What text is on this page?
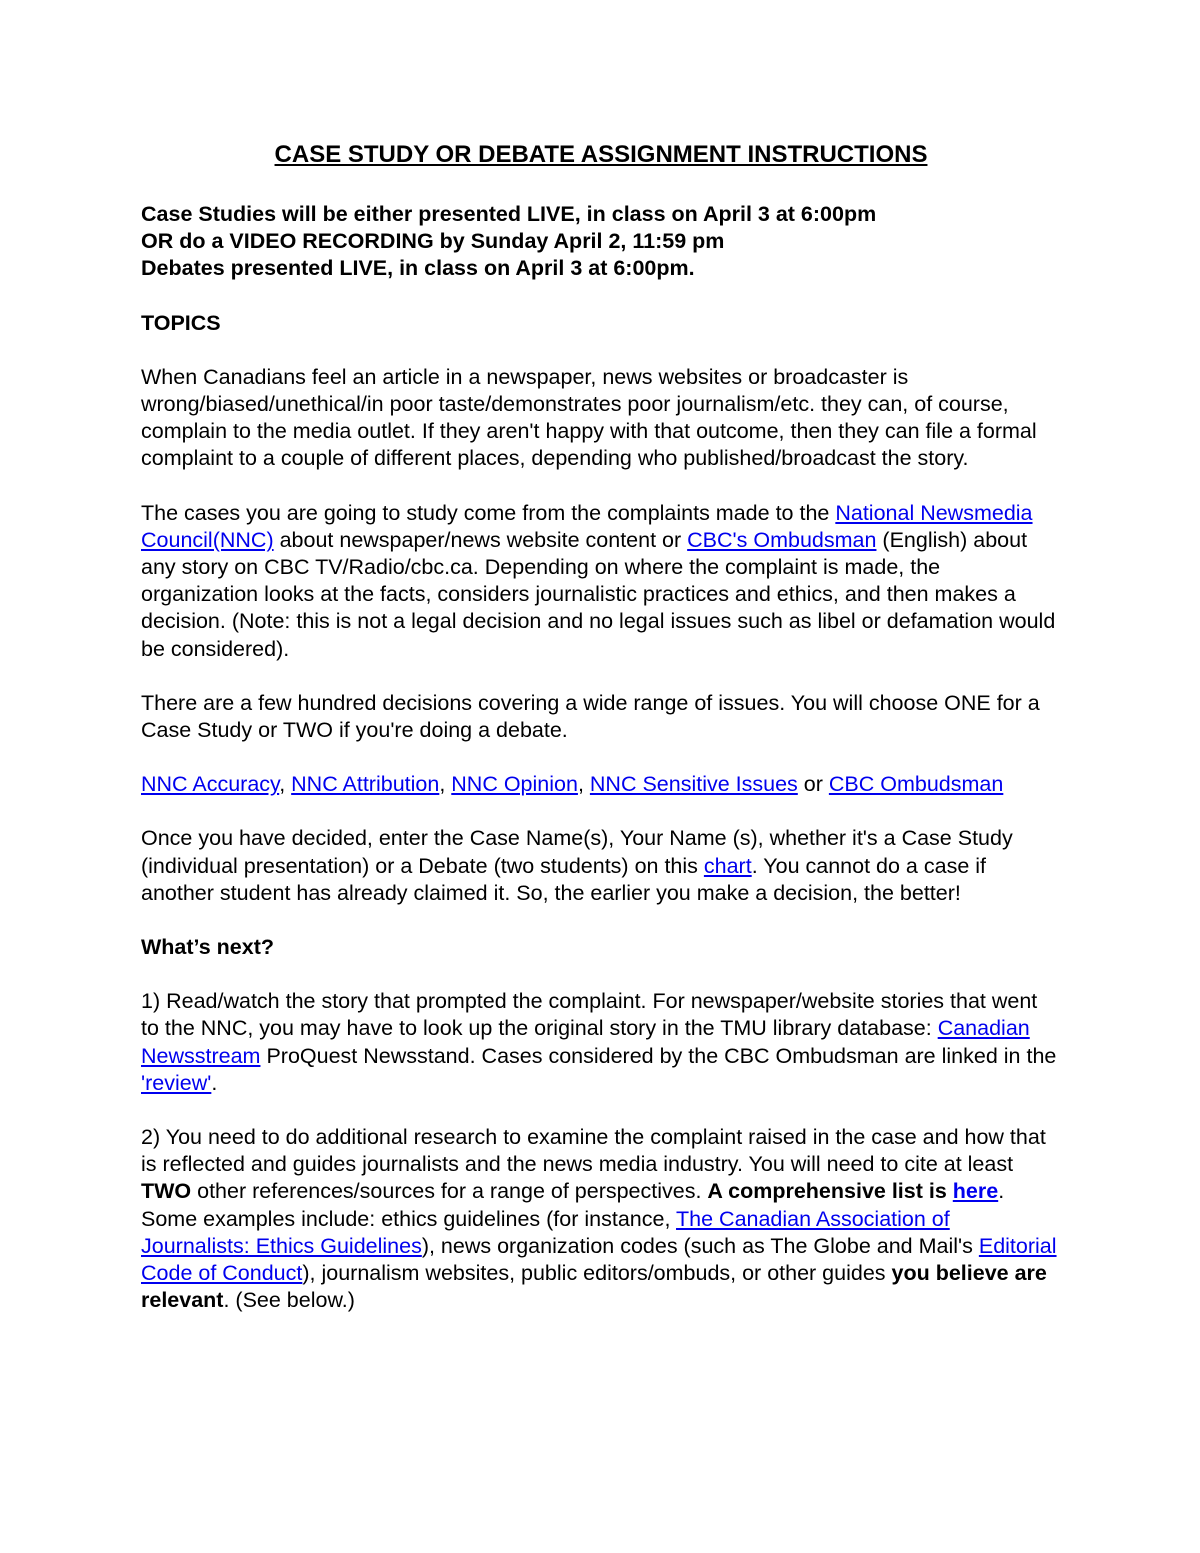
CASE STUDY OR DEBATE ASSIGNMENT INSTRUCTIONS

Case Studies will be either presented LIVE, in class on April 3 at 6:00pm
OR do a VIDEO RECORDING by Sunday April 2, 11:59 pm
Debates presented LIVE, in class on April 3 at 6:00pm.

TOPICS

When Canadians feel an article in a newspaper, news websites or broadcaster is wrong/biased/unethical/in poor taste/demonstrates poor journalism/etc. they can, of course, complain to the media outlet. If they aren't happy with that outcome, then they can file a formal complaint to a couple of different places, depending who published/broadcast the story.

The cases you are going to study come from the complaints made to the National Newsmedia Council(NNC) about newspaper/news website content or CBC's Ombudsman (English) about any story on CBC TV/Radio/cbc.ca. Depending on where the complaint is made, the organization looks at the facts, considers journalistic practices and ethics, and then makes a decision. (Note: this is not a legal decision and no legal issues such as libel or defamation would be considered).

There are a few hundred decisions covering a wide range of issues. You will choose ONE for a Case Study or TWO if you're doing a debate.

NNC Accuracy, NNC Attribution, NNC Opinion, NNC Sensitive Issues or CBC Ombudsman

Once you have decided, enter the Case Name(s), Your Name (s), whether it's a Case Study (individual presentation) or a Debate (two students) on this chart. You cannot do a case if another student has already claimed it. So, the earlier you make a decision, the better!

What’s next?

1) Read/watch the story that prompted the complaint. For newspaper/website stories that went to the NNC, you may have to look up the original story in the TMU library database: Canadian Newsstream ProQuest Newsstand. Cases considered by the CBC Ombudsman are linked in the 'review'.

2) You need to do additional research to examine the complaint raised in the case and how that is reflected and guides journalists and the news media industry. You will need to cite at least TWO other references/sources for a range of perspectives. A comprehensive list is here. Some examples include: ethics guidelines (for instance, The Canadian Association of Journalists: Ethics Guidelines), news organization codes (such as The Globe and Mail's Editorial Code of Conduct), journalism websites, public editors/ombuds, or other guides you believe are relevant. (See below.)
